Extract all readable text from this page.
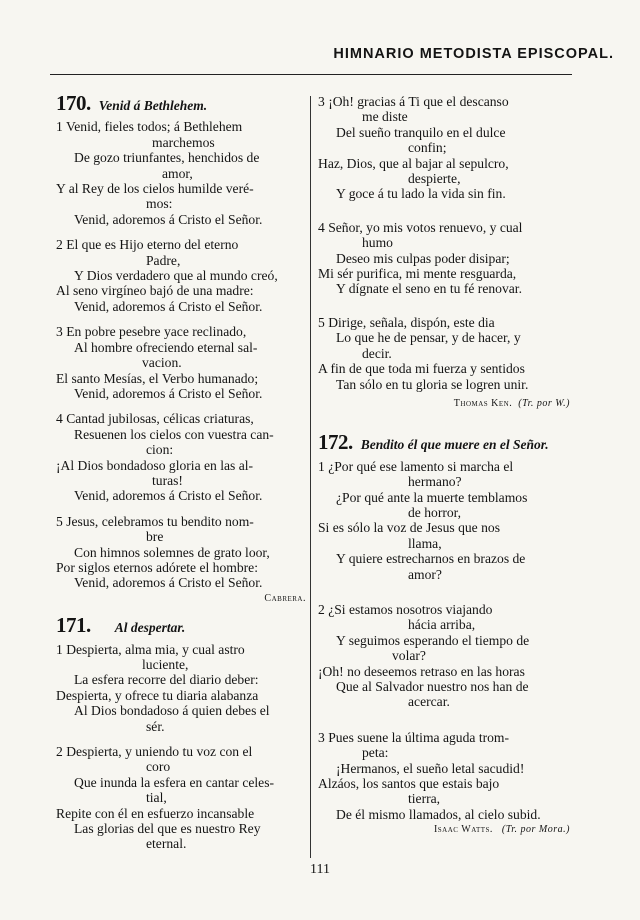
HIMNARIO METODISTA EPISCOPAL.
170. Venid á Bethlehem.
1 Venid, fieles todos; á Bethlehem
marchemos
De gozo triunfantes, henchidos de
amor,
Y al Rey de los cielos humilde veré-
mos:
Venid, adoremos á Cristo el Señor.
2 El que es Hijo eterno del eterno
Padre,
Y Dios verdadero que al mundo creó,
Al seno virgíneo bajó de una madre:
Venid, adoremos á Cristo el Señor.
3 En pobre pesebre yace reclinado,
Al hombre ofreciendo eternal sal-
vacion.
El santo Mesías, el Verbo humanado;
Venid, adoremos á Cristo el Señor.
4 Cantad jubilosas, célicas criaturas,
Resuenen los cielos con vuestra can-
cion:
¡Al Dios bondadoso gloria en las al-
turas!
Venid, adoremos á Cristo el Señor.
5 Jesus, celebramos tu bendito nom-
bre
Con himnos solemnes de grato loor,
Por siglos eternos adórete el hombre:
Venid, adoremos á Cristo el Señor.
Cabrera.
171. Al despertar.
1 Despierta, alma mia, y cual astro
luciente,
La esfera recorre del diario deber:
Despierta, y ofrece tu diaria alabanza
Al Dios bondadoso á quien debes el
sér.
2 Despierta, y uniendo tu voz con el
coro
Que inunda la esfera en cantar celes-
tial,
Repite con él en esfuerzo incansable
Las glorias del que es nuestro Rey
eternal.
3 ¡Oh! gracias á Ti que el descanso
me diste
Del sueño tranquilo en el dulce
confin;
Haz, Dios, que al bajar al sepulcro,
despierte,
Y goce á tu lado la vida sin fin.
4 Señor, yo mis votos renuevo, y cual
humo
Deseo mis culpas poder disipar;
Mi sér purifica, mi mente resguarda,
Y dígnate el seno en tu fé renovar.
5 Dirige, señala, dispón, este dia
Lo que he de pensar, y de hacer, y
decir.
A fin de que toda mi fuerza y sentidos
Tan sólo en tu gloria se logren unir.
Thomas Ken. (Tr. por W.)
172. Bendito él que muere en el Señor.
1 ¿Por qué ese lamento si marcha el
hermano?
¿Por qué ante la muerte temblamos
de horror,
Si es sólo la voz de Jesus que nos
llama,
Y quiere estrecharnos en brazos de
amor?
2 ¿Si estamos nosotros viajando
hácia arriba,
Y seguimos esperando el tiempo de
volar?
¡Oh! no deseemos retraso en las horas
Que al Salvador nuestro nos han de
acercar.
3 Pues suene la última aguda trom-
peta:
¡Hermanos, el sueño letal sacudid!
Alzáos, los santos que estais bajo
tierra,
De él mismo llamados, al cielo subid.
Isaac Watts. (Tr. por Mora.)
111
